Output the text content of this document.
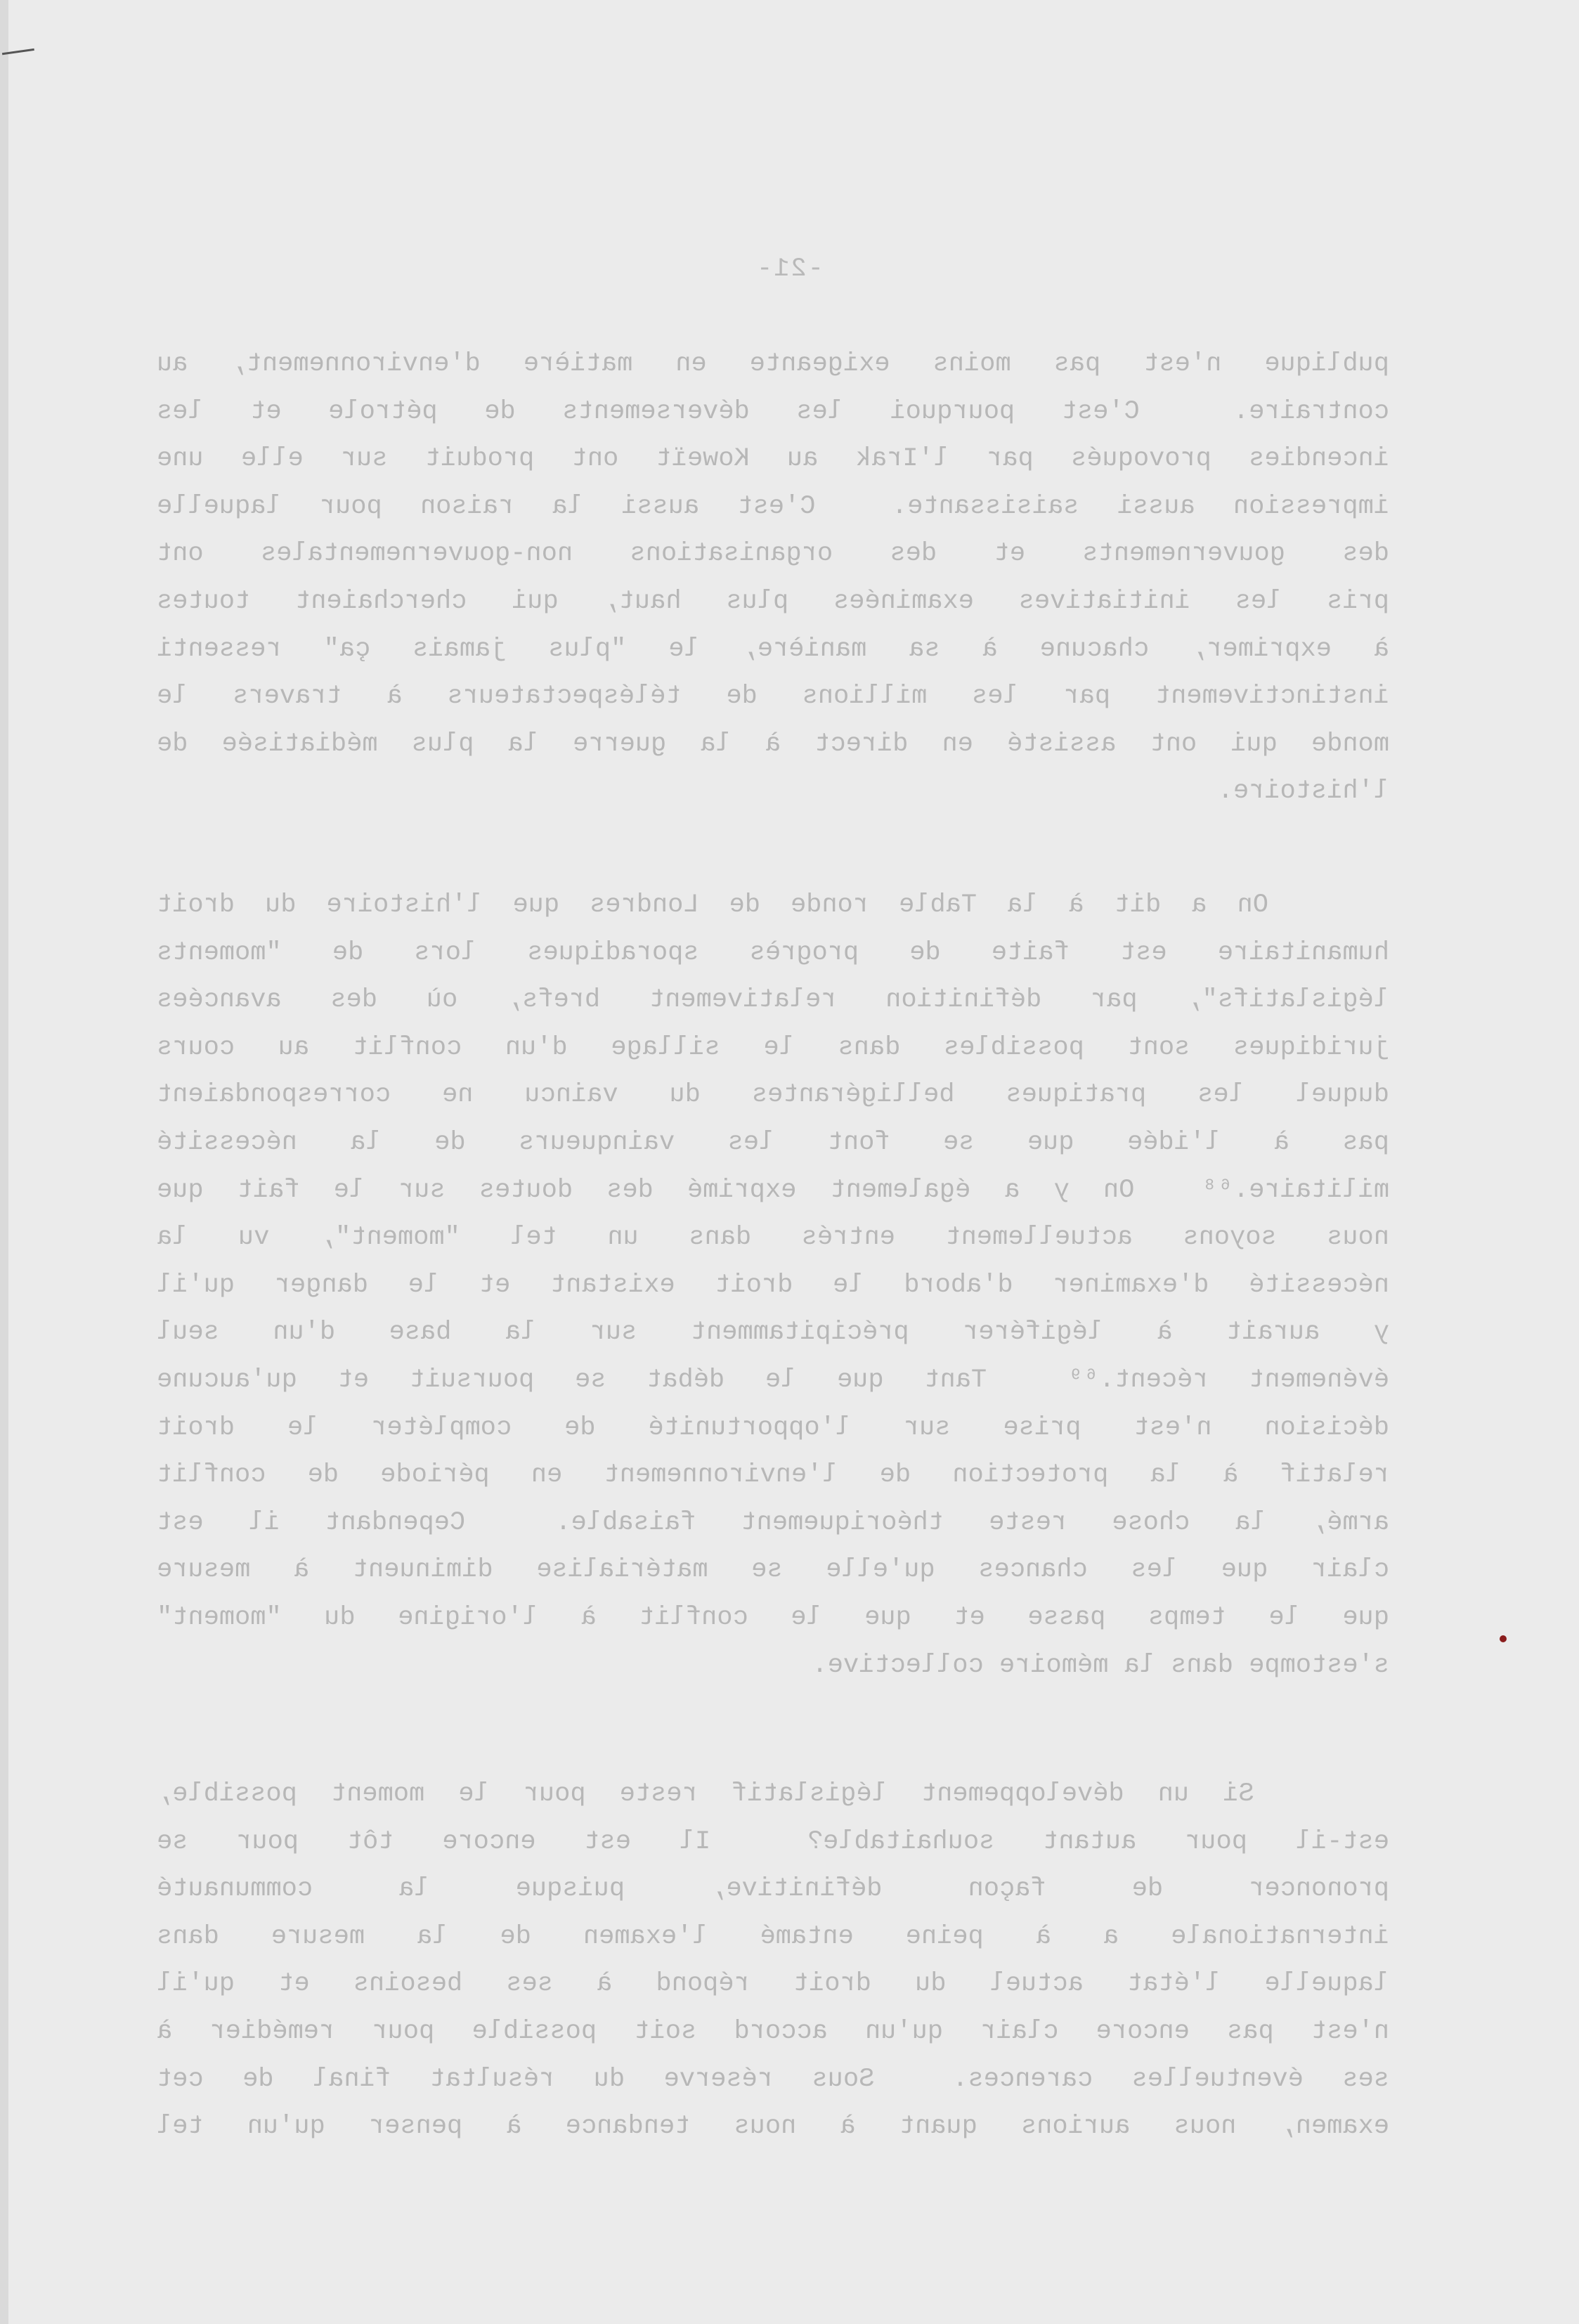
-21-
publique n'est pas moins exigeante en matière d'environnement, au
contraire.  C'est pourquoi les déversements de pétrole et les
incendies provoqués par l'Irak au Koweït ont produit sur elle une
impression aussi saisissante.  C'est aussi la raison pour laquelle
des gouvernements et des organisations non-gouvernementales ont
pris les initiatives examinées plus haut, qui cherchaient toutes
à exprimer, chacune à sa manière, le "plus jamais ça" ressenti
instinctivement par les millions de téléspectateurs à travers le
monde qui ont assisté en direct à la guerre la plus médiatisée de
l'histoire.
On a dit à la Table ronde de Londres que l'histoire du droit
humanitaire est faite de progrès sporadiques lors de "moments
législatifs", par définition relativement brefs, où des avancées
juridiques sont possibles dans le sillage d'un conflit au cours
duquel les pratiques belligérantes du vaincu ne correspondaient
pas à l'idée que se font les vainqueurs de la nécessité
militaire.⁶⁸  On y a également exprimé des doutes sur le fait que
nous soyons actuellement entrés dans un tel "moment", vu la
nécessité d'examiner d'abord le droit existant et le danger qu'il
y aurait à légiférer précipitamment sur la base d'un seul
événement récent.⁶⁹  Tant que le débat se poursuit et qu'aucune
décision n'est prise sur l'opportunité de compléter le droit
relatif à la protection de l'environnement en période de conflit
armé, la chose reste théoriquement faisable.  Cependant il est
clair que les chances qu'elle se matérialise diminuent à mesure
que le temps passe et que le conflit à l'origine du "moment"
s'estompe dans la mémoire collective.
Si un développement législatif reste pour le moment possible,
est-il pour autant souhaitable?  Il est encore tôt pour se
prononcer de façon définitive, puisque la communauté
internationale a à peine entamé l'examen de la mesure dans
laquelle l'état actuel du droit répond à ses besoins et qu'il
n'est pas encore clair qu'un accord soit possible pour remédier à
ses éventuelles carences.  Sous réserve du résultat final de cet
examen, nous aurions quant à nous tendance à penser qu'un tel
